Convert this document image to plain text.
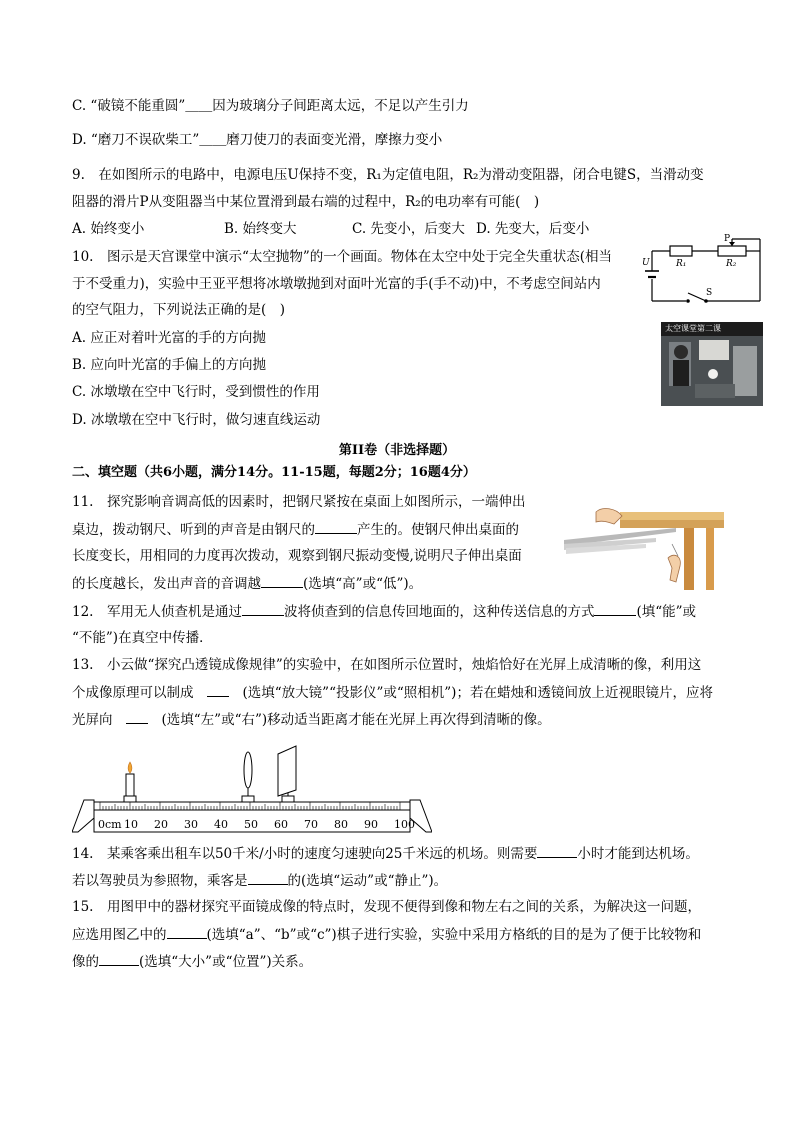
C. “破镜不能重圆”＿＿因为玻璃分子间距离太远，不足以产生引力
D. “磨刀不误砍柴工”＿＿磨刀使刀的表面变光滑，摩擦力变小
9.　在如图所示的电路中，电源电压U保持不变，R₁为定值电阻，R₂为滑动变阻器，闭合电键S，当滑动变
阻器的滑片P从变阻器当中某位置滑到最右端的过程中，R₂的电功率有可能(　)
A. 始终变小	B. 始终变大	C. 先变小，后变大 D. 先变大，后变小
10.　图示是天宫课堂中演示“太空抛物”的一个画面。物体在太空中处于完全失重状态(相当
于不受重力)，实验中王亚平想将冰墩墩抛到对面叶光富的手(手不动)中，不考虑空间站内
的空气阻力，下列说法正确的是(　)
A. 应正对着叶光富的手的方向抛
B. 应向叶光富的手偏上的方向抛
C. 冰墩墩在空中飞行时，受到惯性的作用
D. 冰墩墩在空中飞行时，做匀速直线运动
P
R₁	R₂
U
S
太空课堂第二课
第II卷（非选择题）
二、填空题（共6小题，满分14分。11-15题，每题2分；16题4分）
11.　探究影响音调高低的因素时，把钢尺紧按在桌面上如图所示，一端伸出
桌边，拨动钢尺、听到的声音是由钢尺的	产生的。使钢尺伸出桌面的
长度变长，用相同的力度再次拨动，观察到钢尺振动变慢,说明尺子伸出桌面
的长度越长，发出声音的音调越	(选填“高”或“低”)。
12.　军用无人侦查机是通过	波将侦查到的信息传回地面的，这种传送信息的方式	(填“能”或
“不能”)在真空中传播．
13.　小云做“探究凸透镜成像规律”的实验中，在如图所示位置时，烛焰恰好在光屏上成清晰的像，利用这
个成像原理可以制成　　	(选填“放大镜”“投影仪”或“照相机”)；若在蜡烛和透镜间放上近视眼镜片，应将
光屏向　　	(选填“左”或“右”)移动适当距离才能在光屏上再次得到清晰的像。
0cm 10 20 30 40 50 60 70 80 90 100
14.　某乘客乘出租车以50千米/小时的速度匀速驶向25千米远的机场。则需要	小时才能到达机场。
若以驾驶员为参照物，乘客是	的(选填“运动”或“静止”)。
15.　用图甲中的器材探究平面镜成像的特点时，发现不便得到像和物左右之间的关系，为解决这一问题，
应选用图乙中的	(选填“a”、“b”或“c”)棋子进行实验，实验中采用方格纸的目的是为了便于比较物和
像的	(选填“大小”或“位置”)关系。
